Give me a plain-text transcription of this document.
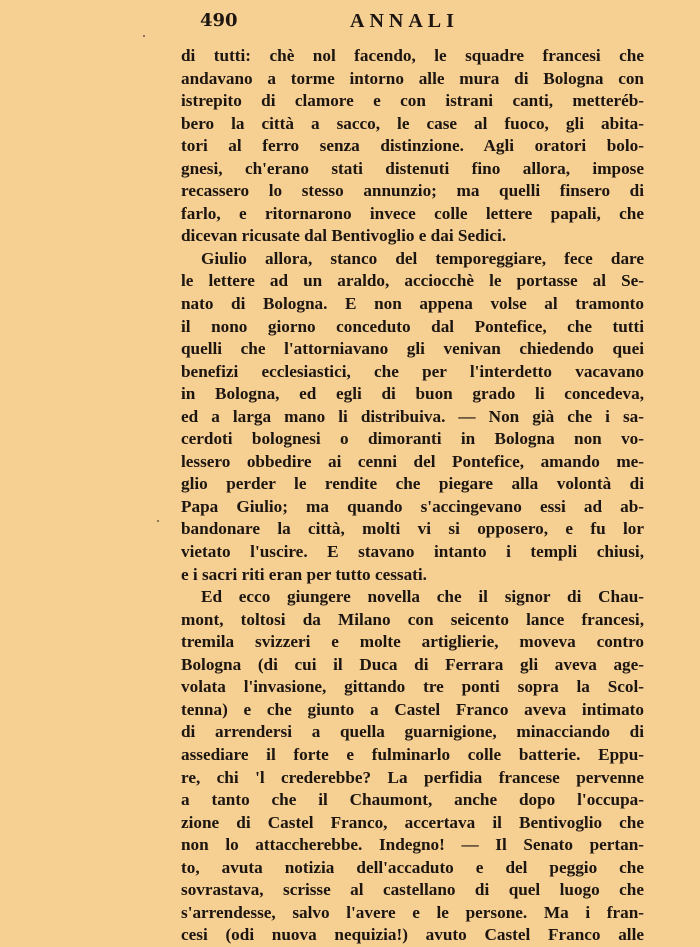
490	ANNALI
di tutti: chè nol facendo, le squadre francesi che
andavano a torme intorno alle mura di Bologna con
istrepito di clamore e con istrani canti, metteréb-
bero la città a sacco, le case al fuoco, gli abita-
tori al ferro senza distinzione. Agli oratori bolo-
gnesi, ch'erano stati distenuti fino allora, impose
recassero lo stesso annunzio; ma quelli finsero di
farlo, e ritornarono invece colle lettere papali, che
dicevan ricusate dal Bentivoglio e dai Sedici.
Giulio allora, stanco del temporeggiare, fece dare
le lettere ad un araldo, acciocchè le portasse al Se-
nato di Bologna. E non appena volse al tramonto
il nono giorno conceduto dal Pontefice, che tutti
quelli che l'attorniavano gli venivan chiedendo quei
benefizi ecclesiastici, che per l'interdetto vacavano
in Bologna, ed egli di buon grado li concedeva,
ed a larga mano li distribuiva. — Non già che i sa-
cerdoti bolognesi o dimoranti in Bologna non vo-
lessero obbedire ai cenni del Pontefice, amando me-
glio perder le rendite che piegare alla volontà di
Papa Giulio; ma quando s'accingevano essi ad ab-
bandonare la città, molti vi si opposero, e fu lor
vietato l'uscire. E stavano intanto i templi chiusi,
e i sacri riti eran per tutto cessati.
Ed ecco giungere novella che il signor di Chau-
mont, toltosi da Milano con seicento lance francesi,
tremila svizzeri e molte artiglierie, moveva contro
Bologna (di cui il Duca di Ferrara gli aveva age-
volata l'invasione, gittando tre ponti sopra la Scol-
tenna) e che giunto a Castel Franco aveva intimato
di arrendersi a quella guarnigione, minacciando di
assediare il forte e fulminarlo colle batterie. Eppu-
re, chi 'l crederebbe? La perfidia francese pervenne
a tanto che il Chaumont, anche dopo l'occupa-
zione di Castel Franco, accertava il Bentivoglio che
non lo attaccherebbe. Indegno! — Il Senato pertan-
to, avuta notizia dell'accaduto e del peggio che
sovrastava, scrisse al castellano di quel luogo che
s'arrendesse, salvo l'avere e le persone. Ma i fran-
cesi (odi nuova nequizia!) avuto Castel Franco alle
